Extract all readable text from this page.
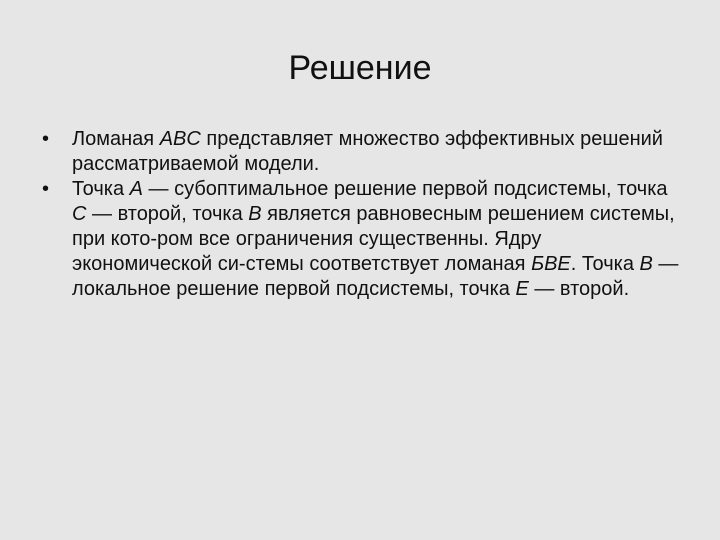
Решение
•	Ломаная ABC представляет множество эффективных решений рассматриваемой модели.
•	Точка A — субоптимальное решение первой подсистемы, точка C — второй, точка B является равновесным решением системы, при кото-ром все ограничения существенны. Ядру экономической си-стемы соответствует ломаная БВЕ. Точка B — локальное решение первой подсистемы, точка E — второй.
